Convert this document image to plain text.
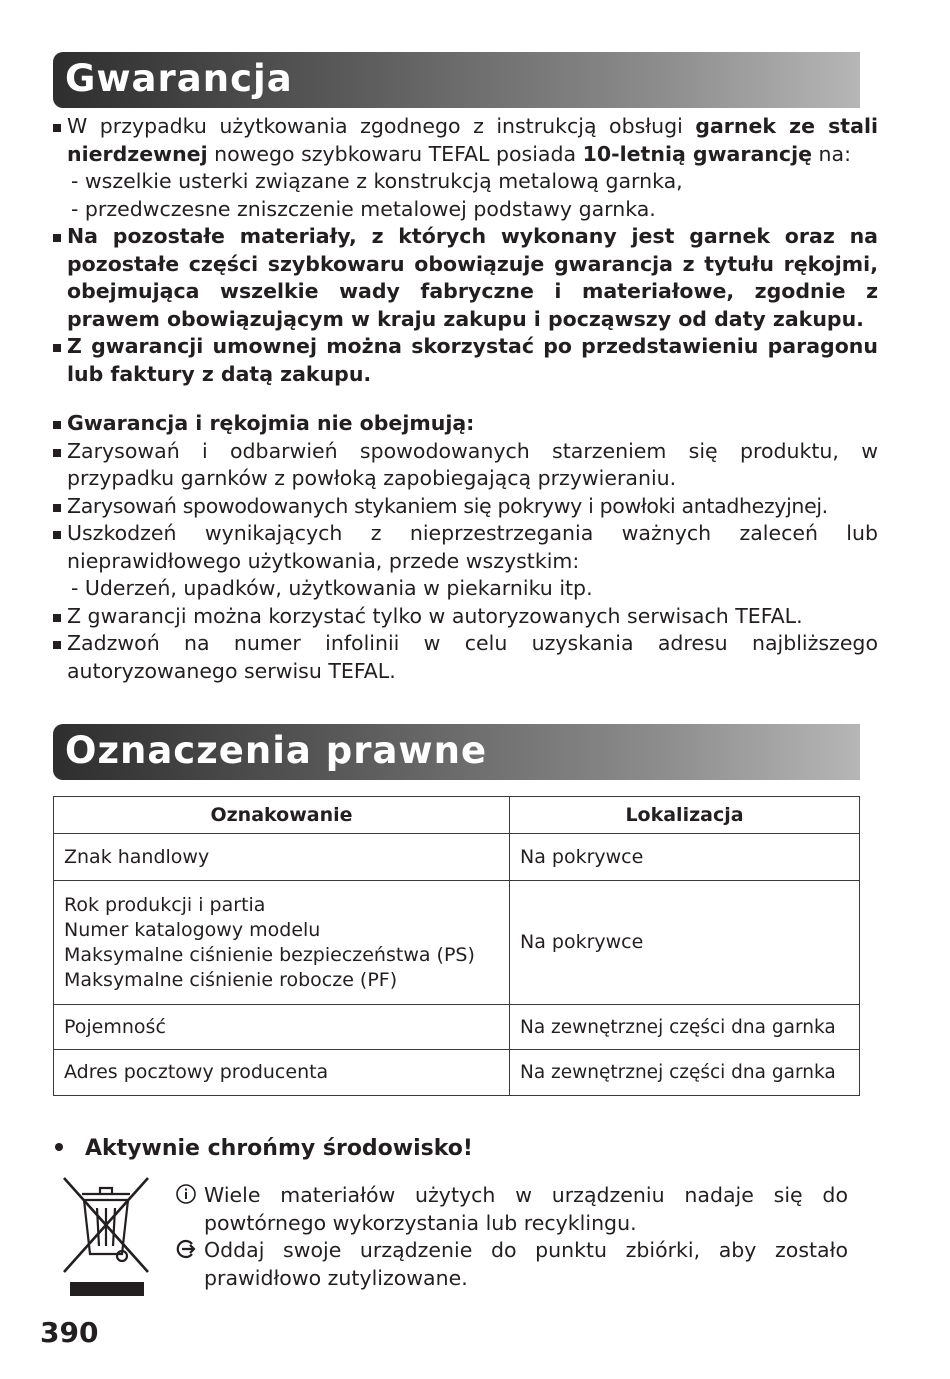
Gwarancja
W przypadku użytkowania zgodnego z instrukcją obsługi garnek ze stali nierdzewnej nowego szybkowaru TEFAL posiada 10-letnią gwarancję na:
- wszelkie usterki związane z konstrukcją metalową garnka,
- przedwczesne zniszczenie metalowej podstawy garnka.
Na pozostałe materiały, z których wykonany jest garnek oraz na pozostałe części szybkowaru obowiązuje gwarancja z tytułu rękojmi, obejmująca wszelkie wady fabryczne i materiałowe, zgodnie z prawem obowiązującym w kraju zakupu i począwszy od daty zakupu.
Z gwarancji umownej można skorzystać po przedstawieniu paragonu lub faktury z datą zakupu.
Gwarancja i rękojmia nie obejmują:
Zarysowań i odbarwień spowodowanych starzeniem się produktu, w przypadku garnków z powłoką zapobiegającą przywieraniu.
Zarysowań spowodowanych stykaniem się pokrywy i powłoki antadhezyjnej.
Uszkodzeń wynikających z nieprzestrzegania ważnych zaleceń lub nieprawidłowego użytkowania, przede wszystkim:
- Uderzeń, upadków, użytkowania w piekarniku itp.
Z gwarancji można korzystać tylko w autoryzowanych serwisach TEFAL.
Zadzwoń na numer infolinii w celu uzyskania adresu najbliższego autoryzowanego serwisu TEFAL.
Oznaczenia prawne
Oznakowanie	Lokalizacja

Znak handlowy	Na pokrywce

Rok produkcji i partia
Numer katalogowy modelu
Maksymalne ciśnienie bezpieczeństwa (PS)
Maksymalne ciśnienie robocze (PF)	Na pokrywce

Pojemność	Na zewnętrznej części dna garnka

Adres pocztowy producenta	Na zewnętrznej części dna garnka
Aktywnie chrońmy środowisko!
Wiele materiałów użytych w urządzeniu nadaje się do powtórnego wykorzystania lub recyklingu.
Oddaj swoje urządzenie do punktu zbiórki, aby zostało prawidłowo zutylizowane.
390
